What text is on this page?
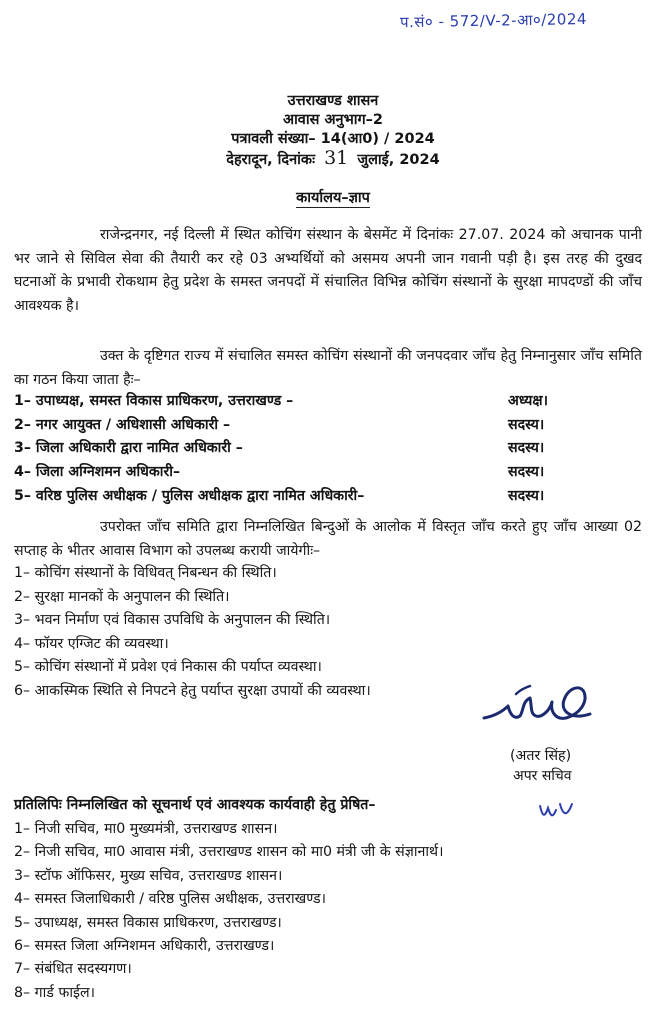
प.सं० - 572/V-2-आ०/2024
उत्तराखण्ड शासन
आवास अनुभाग–2
पत्रावली संख्या– 14(आ0) / 2024
देहरादून, दिनांकः 31 जुलाई, 2024
कार्यालय–ज्ञाप
राजेन्द्रनगर, नई दिल्ली में स्थित कोचिंग संस्थान के बेसमेंट में दिनांकः 27.07. 2024 को अचानक पानी भर जाने से सिविल सेवा की तैयारी कर रहे 03 अभ्यर्थियों को असमय अपनी जान गवानी पड़ी है। इस तरह की दुखद घटनाओं के प्रभावी रोकथाम हेतु प्रदेश के समस्त जनपदों में संचालित विभिन्न कोचिंग संस्थानों के सुरक्षा मापदण्डों की जाँच आवश्यक है।
उक्त के दृष्टिगत राज्य में संचालित समस्त कोचिंग संस्थानों की जनपदवार जाँच हेतु निम्नानुसार जाँच समिति का गठन किया जाता हैः–
1– उपाध्यक्ष, समस्त विकास प्राधिकरण, उत्तराखण्ड –	अध्यक्ष।
2– नगर आयुक्त / अधिशासी अधिकारी –	सदस्य।
3– जिला अधिकारी द्वारा नामित अधिकारी –	सदस्य।
4– जिला अग्निशमन अधिकारी–	सदस्य।
5– वरिष्ठ पुलिस अधीक्षक / पुलिस अधीक्षक द्वारा नामित अधिकारी–	सदस्य।
उपरोक्त जाँच समिति द्वारा निम्नलिखित बिन्दुओं के आलोक में विस्तृत जाँच करते हुए जाँच आख्या 02 सप्ताह के भीतर आवास विभाग को उपलब्ध करायी जायेगीः–
1– कोचिंग संस्थानों के विधिवत् निबन्धन की स्थिति।
2– सुरक्षा मानकों के अनुपालन की स्थिति।
3– भवन निर्माण एवं विकास उपविधि के अनुपालन की स्थिति।
4– फॉयर एग्जिट की व्यवस्था।
5– कोचिंग संस्थानों में प्रवेश एवं निकास की पर्याप्त व्यवस्था।
6– आकस्मिक स्थिति से निपटने हेतु पर्याप्त सुरक्षा उपायों की व्यवस्था।
(अतर सिंह)
अपर सचिव
प्रतिलिपिः निम्नलिखित को सूचनार्थ एवं आवश्यक कार्यवाही हेतु प्रेषित–
1– निजी सचिव, मा0 मुख्यमंत्री, उत्तराखण्ड शासन।
2– निजी सचिव, मा0 आवास मंत्री, उत्तराखण्ड शासन को मा0 मंत्री जी के संज्ञानार्थ।
3– स्टॉफ ऑफिसर, मुख्य सचिव, उत्तराखण्ड शासन।
4– समस्त जिलाधिकारी / वरिष्ठ पुलिस अधीक्षक, उत्तराखण्ड।
5– उपाध्यक्ष, समस्त विकास प्राधिकरण, उत्तराखण्ड।
6– समस्त जिला अग्निशमन अधिकारी, उत्तराखण्ड।
7– संबंधित सदस्यगण।
8– गार्ड फाईल।
